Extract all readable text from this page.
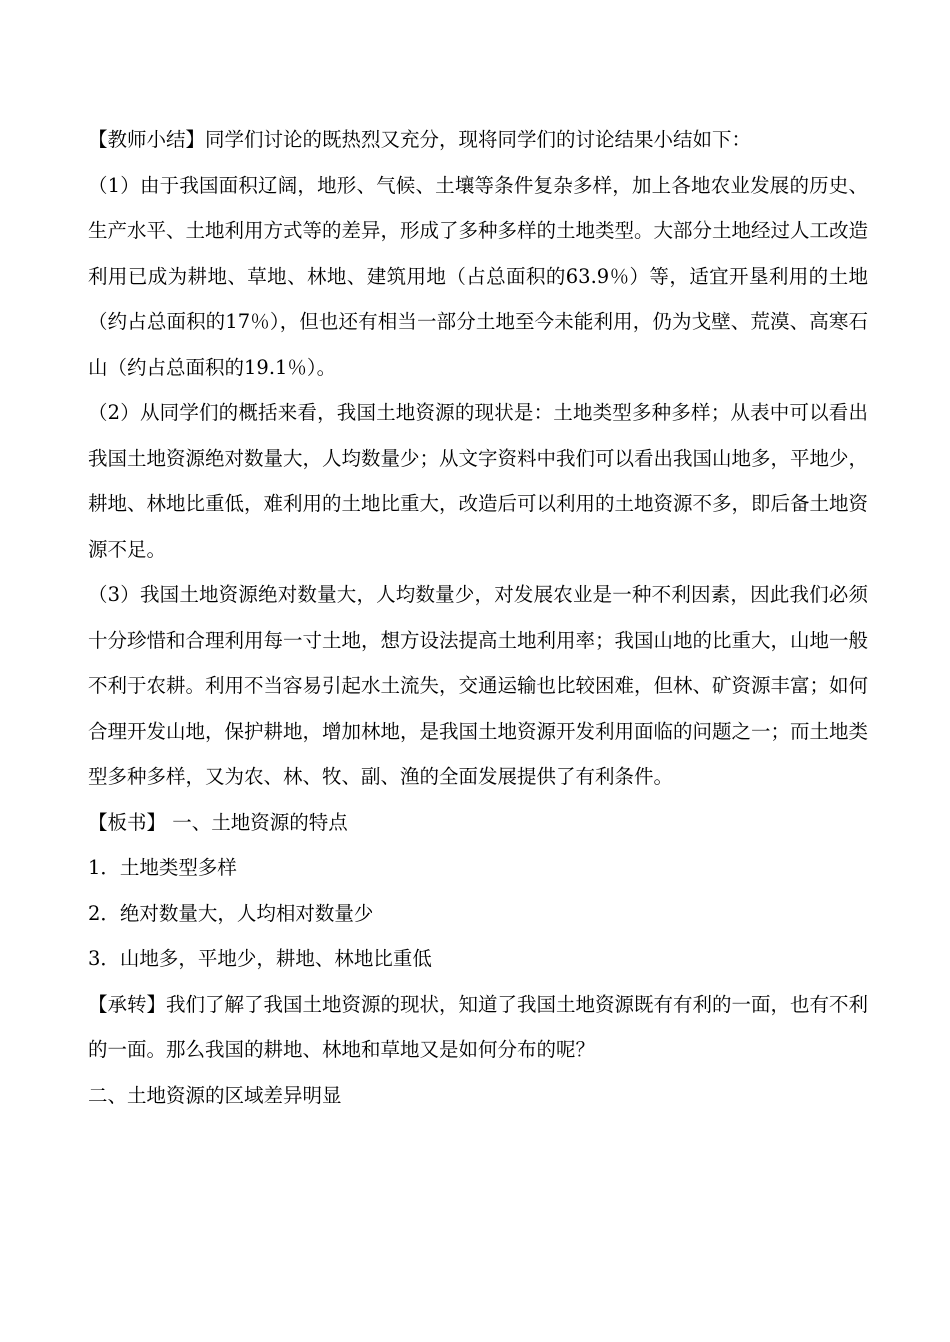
【教师小结】同学们讨论的既热烈又充分，现将同学们的讨论结果小结如下：

（1）由于我国面积辽阔，地形、气候、土壤等条件复杂多样，加上各地农业发展的历史、生产水平、土地利用方式等的差异，形成了多种多样的土地类型。大部分土地经过人工改造利用已成为耕地、草地、林地、建筑用地（占总面积的63.9％）等，适宜开垦利用的土地（约占总面积的17％），但也还有相当一部分土地至今未能利用，仍为戈壁、荒漠、高寒石山（约占总面积的19.1％）。

（2）从同学们的概括来看，我国土地资源的现状是：土地类型多种多样；从表中可以看出我国土地资源绝对数量大，人均数量少；从文字资料中我们可以看出我国山地多，平地少，耕地、林地比重低，难利用的土地比重大，改造后可以利用的土地资源不多，即后备土地资源不足。

（3）我国土地资源绝对数量大，人均数量少，对发展农业是一种不利因素，因此我们必须十分珍惜和合理利用每一寸土地，想方设法提高土地利用率；我国山地的比重大，山地一般不利于农耕。利用不当容易引起水土流失，交通运输也比较困难，但林、矿资源丰富；如何合理开发山地，保护耕地，增加林地，是我国土地资源开发利用面临的问题之一；而土地类型多种多样，又为农、林、牧、副、渔的全面发展提供了有利条件。

【板书】 一、土地资源的特点

1．土地类型多样

2．绝对数量大，人均相对数量少

3．山地多，平地少，耕地、林地比重低

【承转】我们了解了我国土地资源的现状，知道了我国土地资源既有有利的一面，也有不利的一面。那么我国的耕地、林地和草地又是如何分布的呢？

二、土地资源的区域差异明显
